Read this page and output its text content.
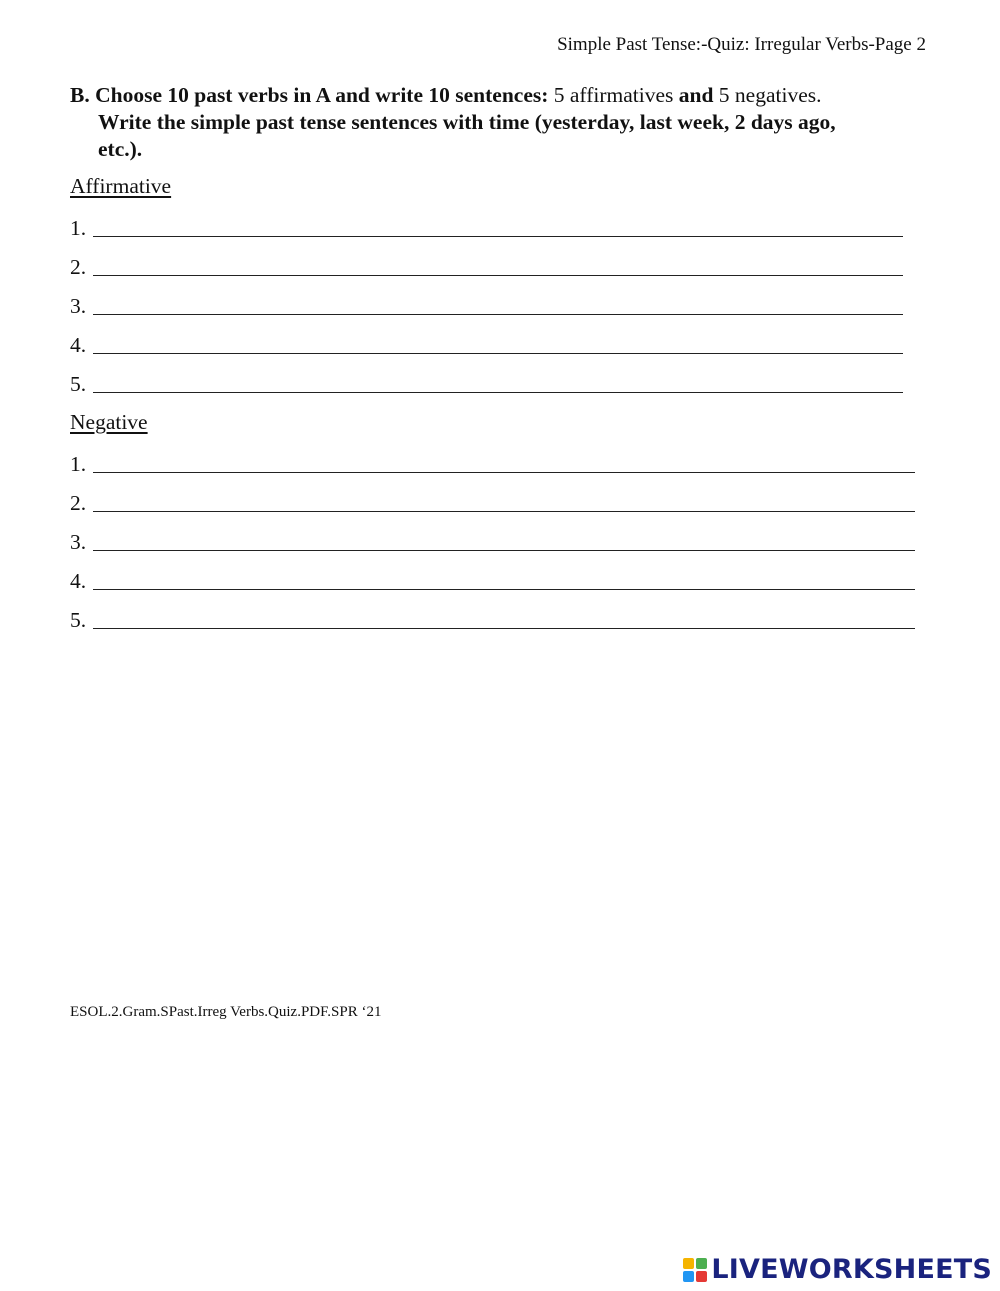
Simple Past Tense:-Quiz: Irregular Verbs-Page 2
B. Choose 10 past verbs in A and write 10 sentences: 5 affirmatives and 5 negatives.
Write the simple past tense sentences with time (yesterday, last week, 2 days ago,
etc.).
Affirmative
1.
2.
3.
4.
5.
Negative
1.
2.
3.
4.
5.
ESOL.2.Gram.SPast.Irreg Verbs.Quiz.PDF.SPR ‘21
LIVEWORKSHEETS
